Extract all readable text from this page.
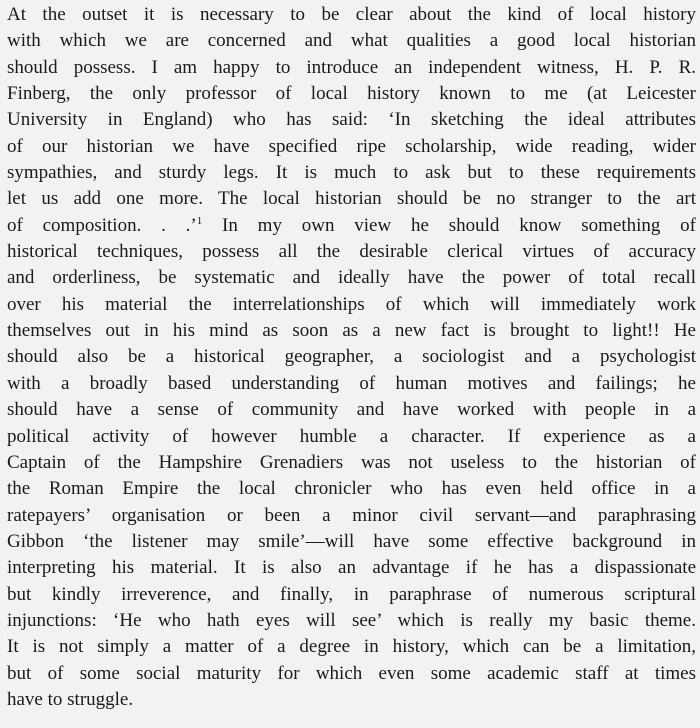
At the outset it is necessary to be clear about the kind of local history
with which we are concerned and what qualities a good local historian
should possess. I am happy to introduce an independent witness, H. P. R.
Finberg, the only professor of local history known to me (at Leicester
University in England) who has said: ‘In sketching the ideal attributes
of our historian we have specified ripe scholarship, wide reading, wider
sympathies, and sturdy legs. It is much to ask but to these requirements
let us add one more. The local historian should be no stranger to the art
of composition. . .’$^1$ In my own view he should know something of
historical techniques, possess all the desirable clerical virtues of accuracy
and orderliness, be systematic and ideally have the power of total recall
over his material the interrelationships of which will immediately work
themselves out in his mind as soon as a new fact is brought to light!! He
should also be a historical geographer, a sociologist and a psychologist
with a broadly based understanding of human motives and failings; he
should have a sense of community and have worked with people in a
political activity of however humble a character. If experience as a
Captain of the Hampshire Grenadiers was not useless to the historian of
the Roman Empire the local chronicler who has even held office in a
ratepayers’ organisation or been a minor civil servant—and paraphrasing
Gibbon ‘the listener may smile’—will have some effective background in
interpreting his material. It is also an advantage if he has a dispassionate
but kindly irreverence, and finally, in paraphrase of numerous scriptural
injunctions: ‘He who hath eyes will see’ which is really my basic theme.
It is not simply a matter of a degree in history, which can be a limitation,
but of some social maturity for which even some academic staff at times
have to struggle.
